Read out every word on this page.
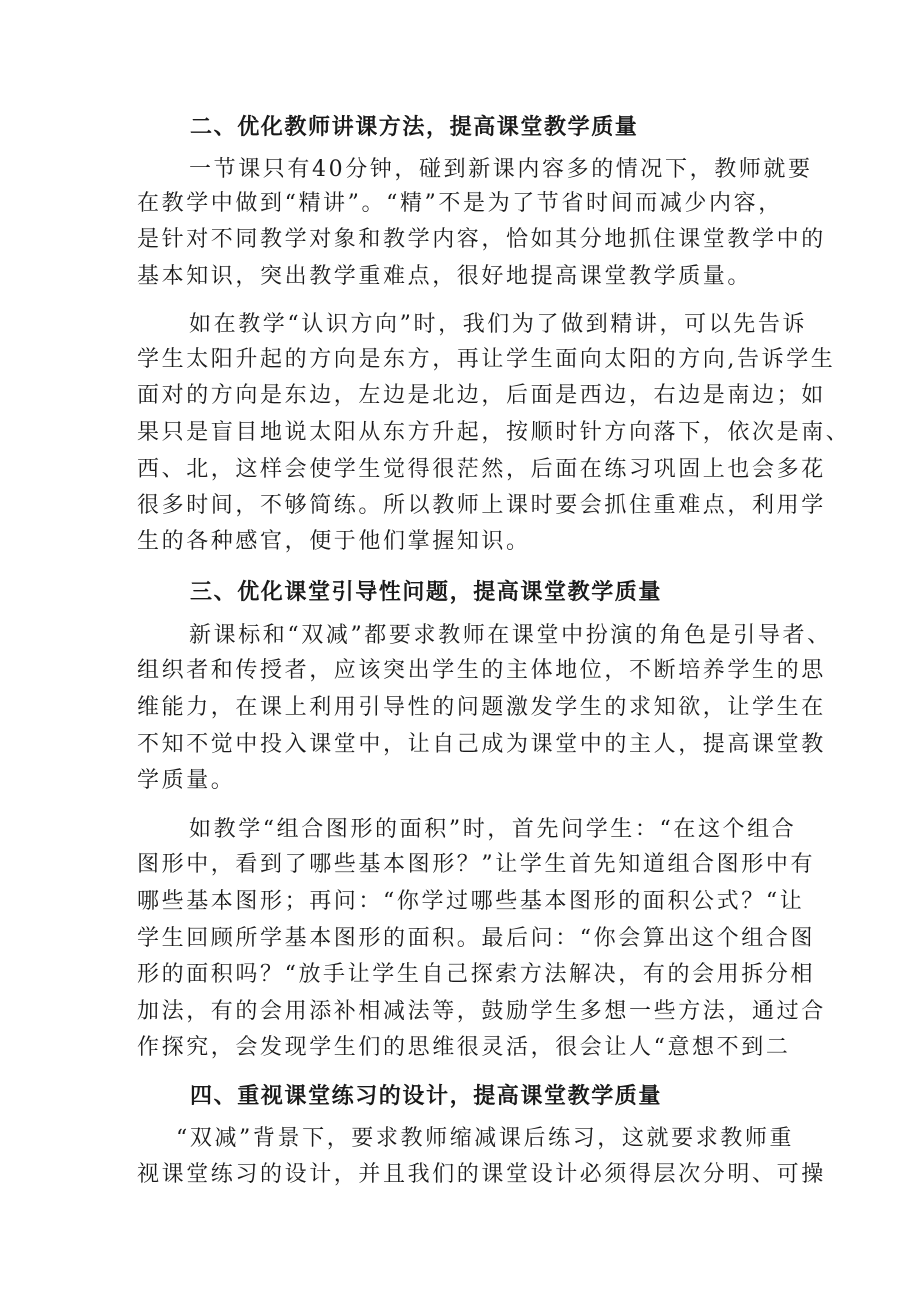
二、优化教师讲课方法，提高课堂教学质量
一节课只有40分钟，碰到新课内容多的情况下，教师就要
在教学中做到“精讲”。“精”不是为了节省时间而减少内容，
是针对不同教学对象和教学内容，恰如其分地抓住课堂教学中的
基本知识，突出教学重难点，很好地提高课堂教学质量。
如在教学“认识方向”时，我们为了做到精讲，可以先告诉
学生太阳升起的方向是东方，再让学生面向太阳的方向,告诉学生
面对的方向是东边，左边是北边，后面是西边，右边是南边；如
果只是盲目地说太阳从东方升起，按顺时针方向落下，依次是南、
西、北，这样会使学生觉得很茫然，后面在练习巩固上也会多花
很多时间，不够简练。所以教师上课时要会抓住重难点，利用学
生的各种感官，便于他们掌握知识。
三、优化课堂引导性问题，提高课堂教学质量
新课标和“双减”都要求教师在课堂中扮演的角色是引导者、
组织者和传授者，应该突出学生的主体地位，不断培养学生的思
维能力，在课上利用引导性的问题激发学生的求知欲，让学生在
不知不觉中投入课堂中，让自己成为课堂中的主人，提高课堂教
学质量。
如教学“组合图形的面积”时，首先问学生：“在这个组合
图形中，看到了哪些基本图形？”让学生首先知道组合图形中有
哪些基本图形；再问：“你学过哪些基本图形的面积公式？“让
学生回顾所学基本图形的面积。最后问：“你会算出这个组合图
形的面积吗？“放手让学生自己探索方法解决，有的会用拆分相
加法，有的会用添补相减法等，鼓励学生多想一些方法，通过合
作探究，会发现学生们的思维很灵活，很会让人“意想不到二
四、重视课堂练习的设计，提高课堂教学质量
“双减”背景下，要求教师缩减课后练习，这就要求教师重
视课堂练习的设计，并且我们的课堂设计必须得层次分明、可操
